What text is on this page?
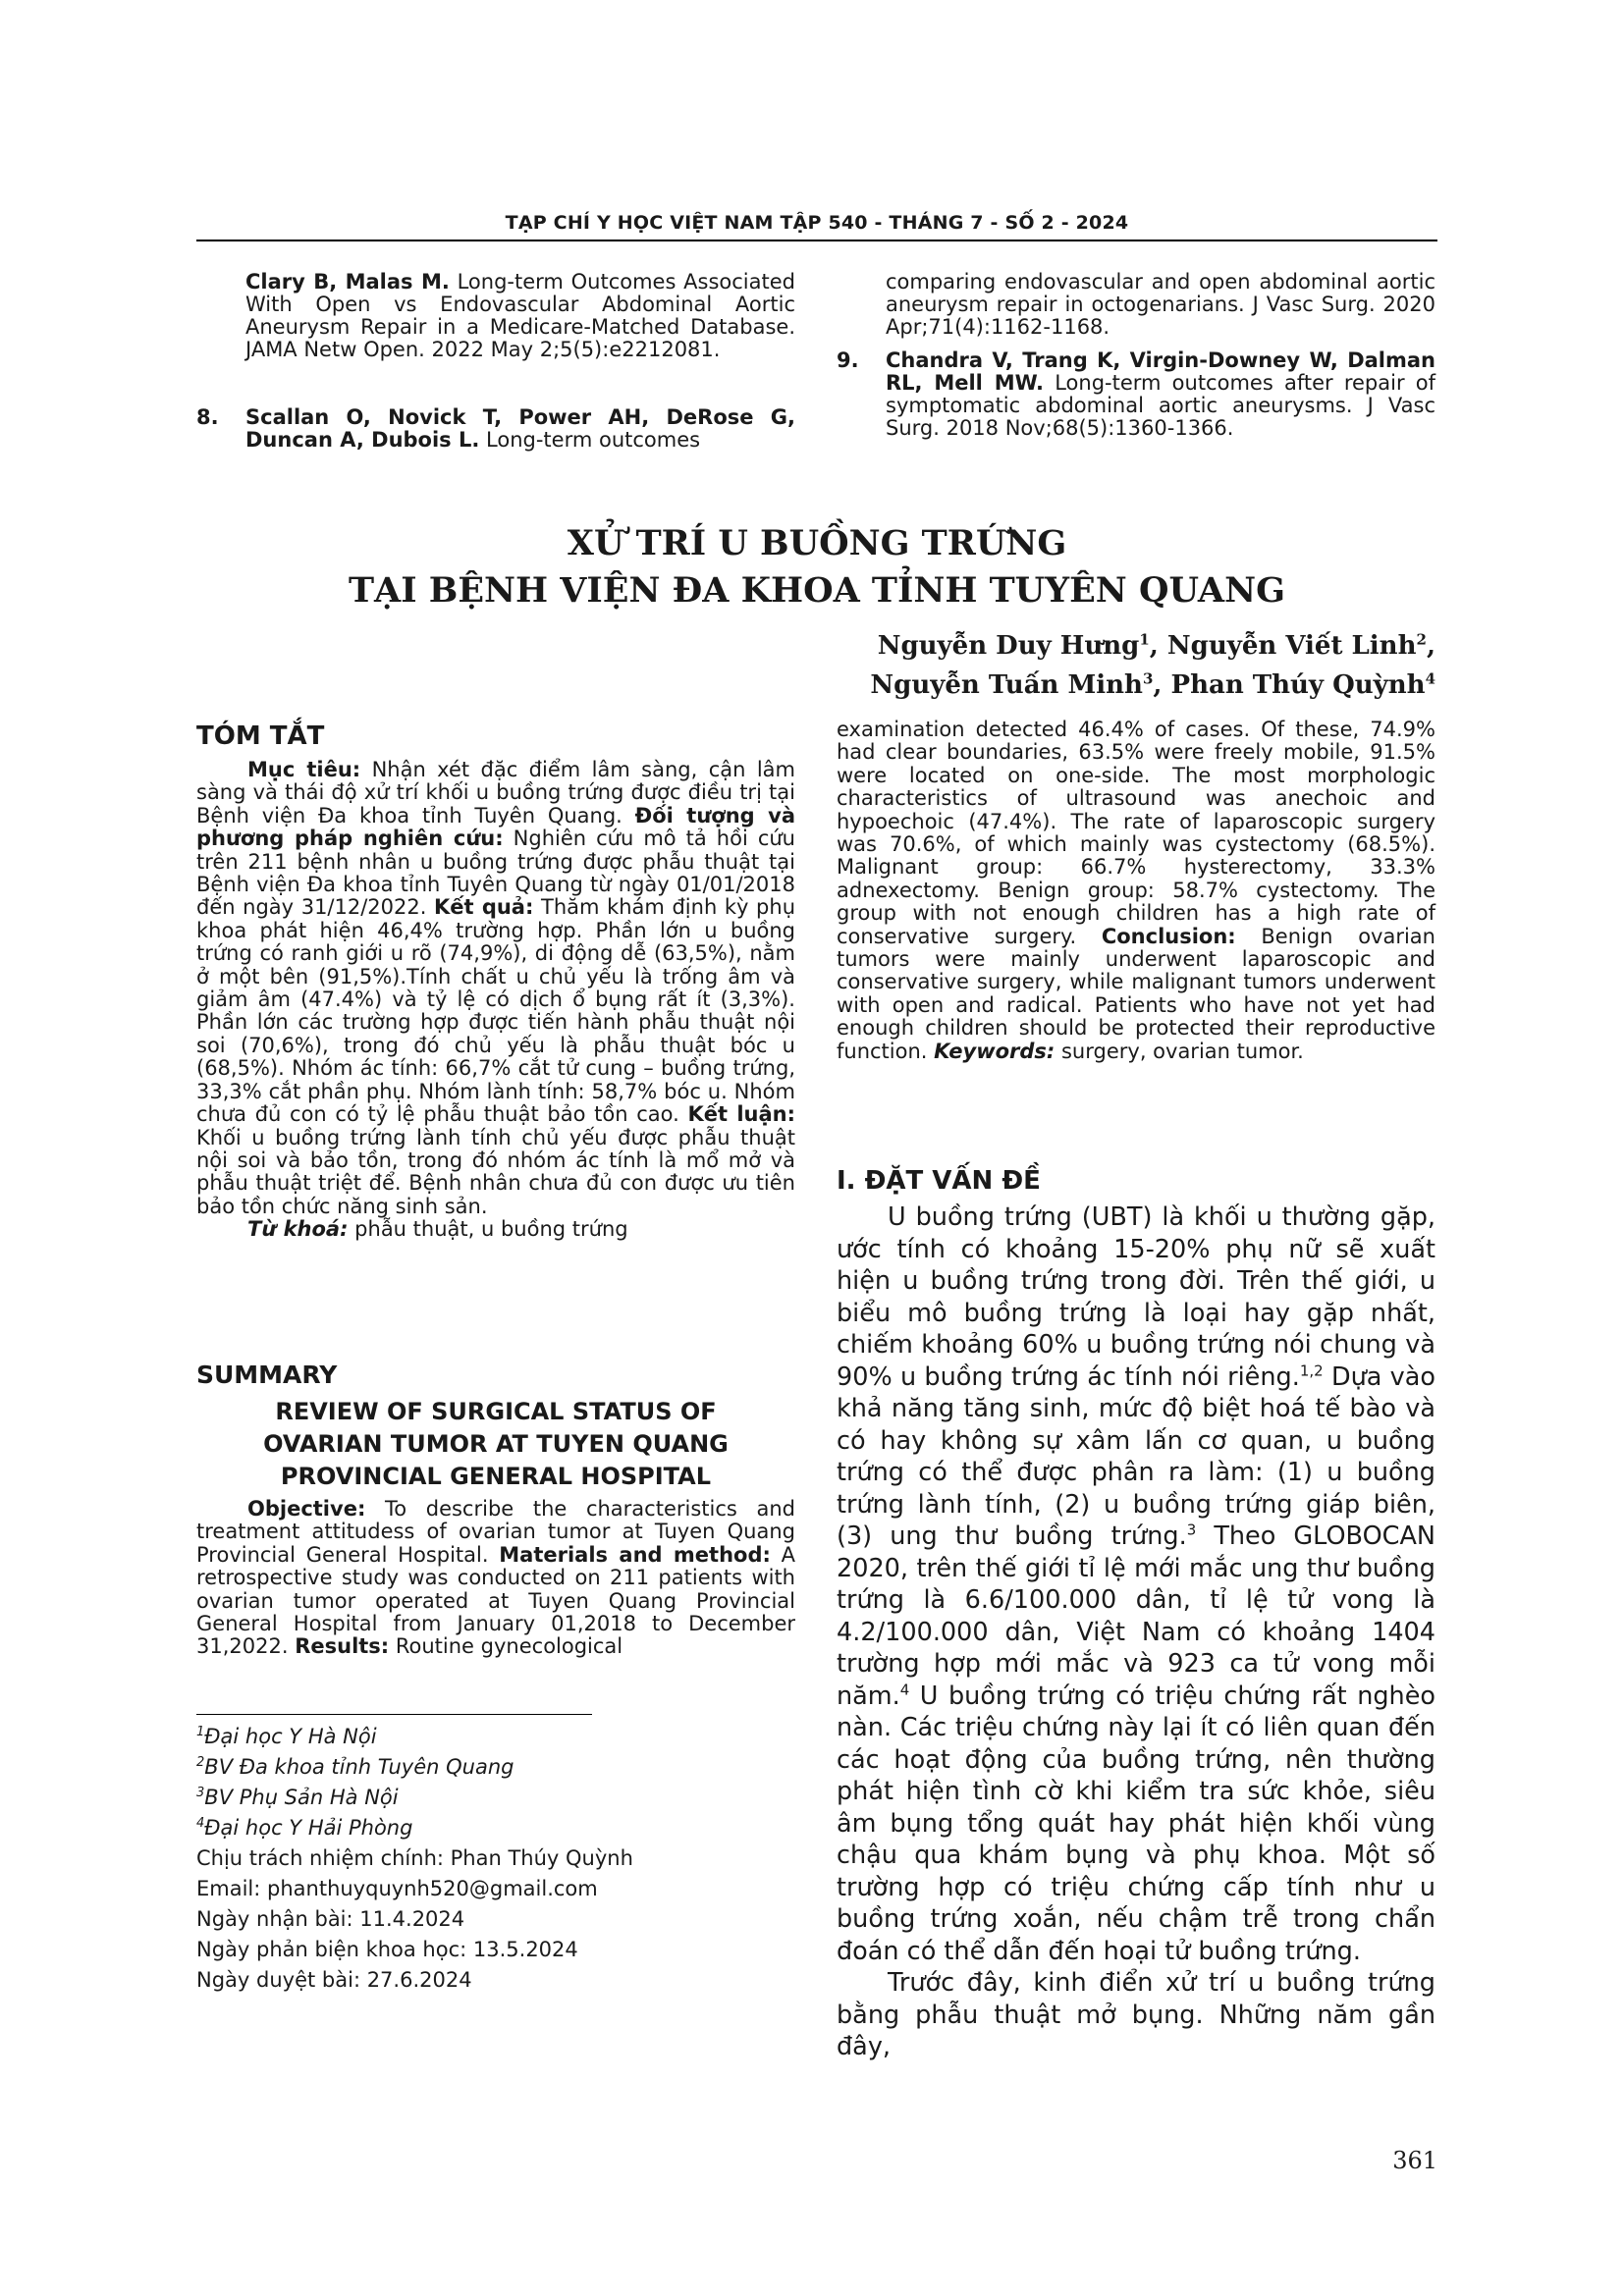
TẠP CHÍ Y HỌC VIỆT NAM TẬP 540 - THÁNG 7 - SỐ 2 - 2024
Clary B, Malas M. Long-term Outcomes Associated With Open vs Endovascular Abdominal Aortic Aneurysm Repair in a Medicare-Matched Database. JAMA Netw Open. 2022 May 2;5(5):e2212081.
8.	Scallan O, Novick T, Power AH, DeRose G, Duncan A, Dubois L. Long-term outcomes
comparing endovascular and open abdominal aortic aneurysm repair in octogenarians. J Vasc Surg. 2020 Apr;71(4):1162-1168.
9.	Chandra V, Trang K, Virgin-Downey W, Dalman RL, Mell MW. Long-term outcomes after repair of symptomatic abdominal aortic aneurysms. J Vasc Surg. 2018 Nov;68(5):1360-1366.
XỬ TRÍ U BUỒNG TRỨNG
TẠI BỆNH VIỆN ĐA KHOA TỈNH TUYÊN QUANG
Nguyễn Duy Hưng$^1$, Nguyễn Viết Linh$^2$,
Nguyễn Tuấn Minh$^3$, Phan Thúy Quỳnh$^4$
TÓM TẮT
Mục tiêu: Nhận xét đặc điểm lâm sàng, cận lâm sàng và thái độ xử trí khối u buồng trứng được điều trị tại Bệnh viện Đa khoa tỉnh Tuyên Quang. Đối tượng và phương pháp nghiên cứu: Nghiên cứu mô tả hồi cứu trên 211 bệnh nhân u buồng trứng được phẫu thuật tại Bệnh viện Đa khoa tỉnh Tuyên Quang từ ngày 01/01/2018 đến ngày 31/12/2022. Kết quả: Thăm khám định kỳ phụ khoa phát hiện 46,4% trường hợp. Phần lớn u buồng trứng có ranh giới u rõ (74,9%), di động dễ (63,5%), nằm ở một bên (91,5%).Tính chất u chủ yếu là trống âm và giảm âm (47.4%) và tỷ lệ có dịch ổ bụng rất ít (3,3%). Phần lớn các trường hợp được tiến hành phẫu thuật nội soi (70,6%), trong đó chủ yếu là phẫu thuật bóc u (68,5%). Nhóm ác tính: 66,7% cắt tử cung – buồng trứng, 33,3% cắt phần phụ. Nhóm lành tính: 58,7% bóc u. Nhóm chưa đủ con có tỷ lệ phẫu thuật bảo tồn cao. Kết luận: Khối u buồng trứng lành tính chủ yếu được phẫu thuật nội soi và bảo tồn, trong đó nhóm ác tính là mổ mở và phẫu thuật triệt để. Bệnh nhân chưa đủ con được ưu tiên bảo tồn chức năng sinh sản.
Từ khoá: phẫu thuật, u buồng trứng
SUMMARY
REVIEW OF SURGICAL STATUS OF
OVARIAN TUMOR AT TUYEN QUANG
PROVINCIAL GENERAL HOSPITAL
Objective: To describe the characteristics and treatment attitudess of ovarian tumor at Tuyen Quang Provincial General Hospital. Materials and method: A retrospective study was conducted on 211 patients with ovarian tumor operated at Tuyen Quang Provincial General Hospital from January 01,2018 to December 31,2022. Results: Routine gynecological
examination detected 46.4% of cases. Of these, 74.9% had clear boundaries, 63.5% were freely mobile, 91.5% were located on one-side. The most morphologic characteristics of ultrasound was anechoic and hypoechoic (47.4%). The rate of laparoscopic surgery was 70.6%, of which mainly was cystectomy (68.5%). Malignant group: 66.7% hysterectomy, 33.3% adnexectomy. Benign group: 58.7% cystectomy. The group with not enough children has a high rate of conservative surgery. Conclusion: Benign ovarian tumors were mainly underwent laparoscopic and conservative surgery, while malignant tumors underwent with open and radical. Patients who have not yet had enough children should be protected their reproductive function. Keywords: surgery, ovarian tumor.
I. ĐẶT VẤN ĐỀ
U buồng trứng (UBT) là khối u thường gặp, ước tính có khoảng 15-20% phụ nữ sẽ xuất hiện u buồng trứng trong đời. Trên thế giới, u biểu mô buồng trứng là loại hay gặp nhất, chiếm khoảng 60% u buồng trứng nói chung và 90% u buồng trứng ác tính nói riêng.$^{1,2}$ Dựa vào khả năng tăng sinh, mức độ biệt hoá tế bào và có hay không sự xâm lấn cơ quan, u buồng trứng có thể được phân ra làm: (1) u buồng trứng lành tính, (2) u buồng trứng giáp biên, (3) ung thư buồng trứng.$^3$ Theo GLOBOCAN 2020, trên thế giới tỉ lệ mới mắc ung thư buồng trứng là 6.6/100.000 dân, tỉ lệ tử vong là 4.2/100.000 dân, Việt Nam có khoảng 1404 trường hợp mới mắc và 923 ca tử vong mỗi năm.$^4$ U buồng trứng có triệu chứng rất nghèo nàn. Các triệu chứng này lại ít có liên quan đến các hoạt động của buồng trứng, nên thường phát hiện tình cờ khi kiểm tra sức khỏe, siêu âm bụng tổng quát hay phát hiện khối vùng chậu qua khám bụng và phụ khoa. Một số trường hợp có triệu chứng cấp tính như u buồng trứng xoắn, nếu chậm trễ trong chẩn đoán có thể dẫn đến hoại tử buồng trứng.
Trước đây, kinh điển xử trí u buồng trứng bằng phẫu thuật mở bụng. Những năm gần đây,
$^1$Đại học Y Hà Nội
$^2$BV Đa khoa tỉnh Tuyên Quang
$^3$BV Phụ Sản Hà Nội
$^4$Đại học Y Hải Phòng
Chịu trách nhiệm chính: Phan Thúy Quỳnh
Email: phanthuyquynh520@gmail.com
Ngày nhận bài: 11.4.2024
Ngày phản biện khoa học: 13.5.2024
Ngày duyệt bài: 27.6.2024
361
